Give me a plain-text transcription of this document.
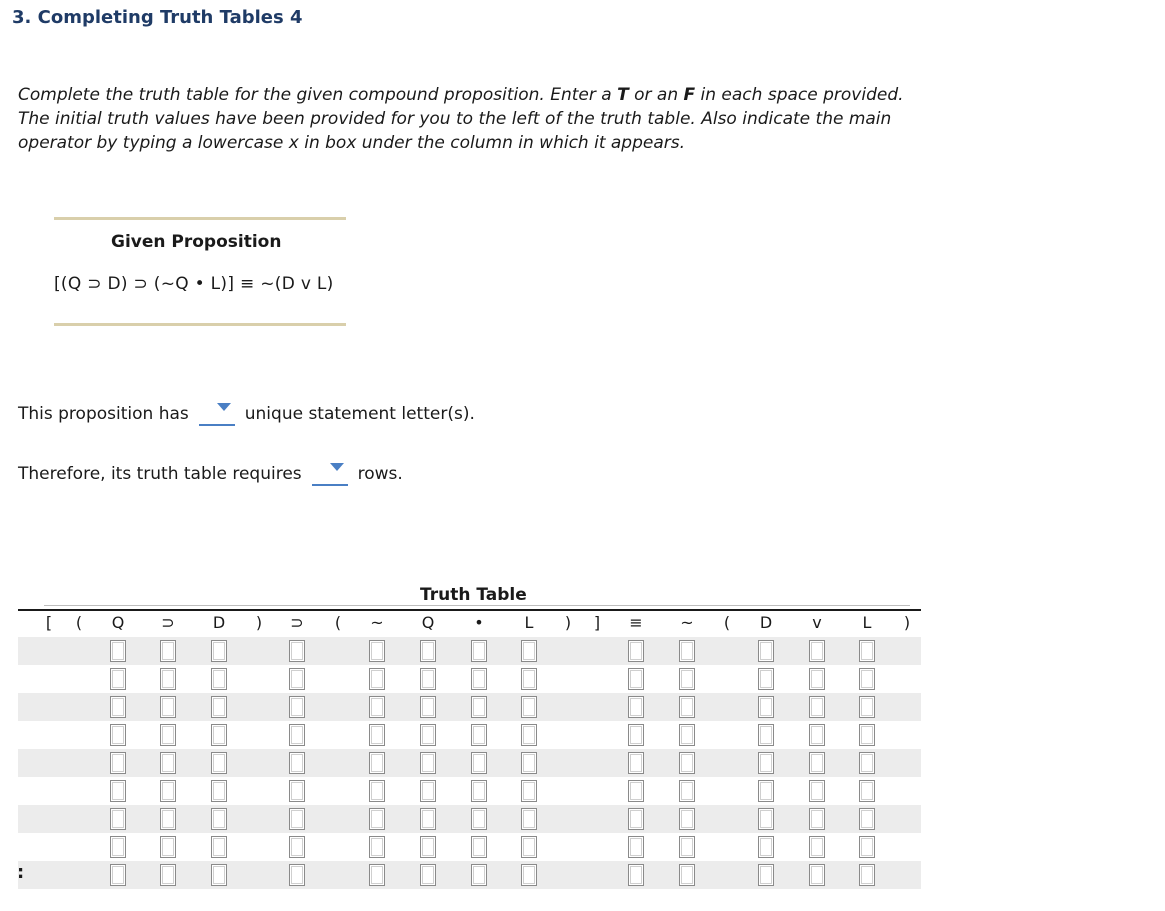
3. Completing Truth Tables 4
Complete the truth table for the given compound proposition. Enter a T or an F in each space provided. The initial truth values have been provided for you to the left of the truth table. Also indicate the main operator by typing a lowercase x in box under the column in which it appears.
Given Proposition
[(Q ⊃ D) ⊃ (~Q • L)] ≡ ~(D v L)
This proposition has	unique statement letter(s).
Therefore, its truth table requires	rows.
Truth Table
[ ( Q ⊃ D ) ⊃ ( ~ Q •	L ) ] ≡ ~ ( D	v	L )
:
